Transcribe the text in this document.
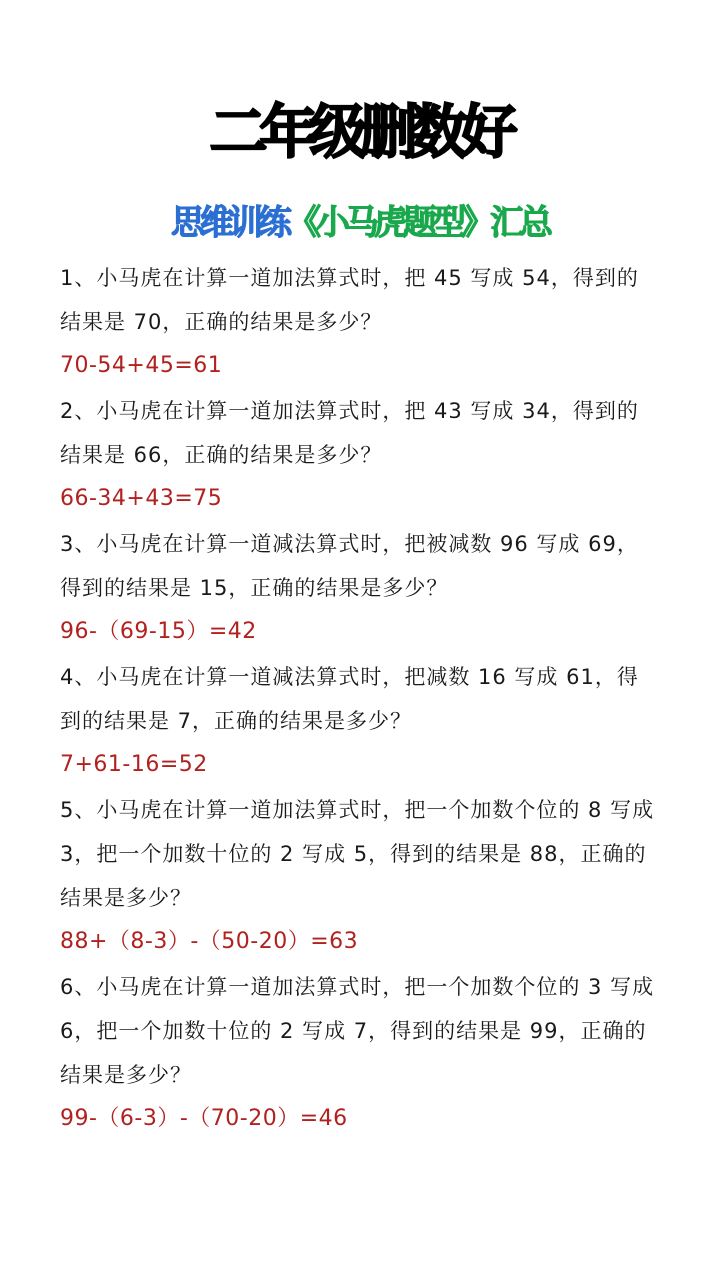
二年级删数好
思维训练《小马虎题型》汇总
1、小马虎在计算一道加法算式时，把 45 写成 54，得到的
结果是 70，正确的结果是多少？
70-54+45=61
2、小马虎在计算一道加法算式时，把 43 写成 34，得到的
结果是 66，正确的结果是多少？
66-34+43=75
3、小马虎在计算一道减法算式时，把被减数 96 写成 69，
得到的结果是 15，正确的结果是多少？
96-（69-15）=42
4、小马虎在计算一道减法算式时，把减数 16 写成 61，得
到的结果是 7，正确的结果是多少？
7+61-16=52
5、小马虎在计算一道加法算式时，把一个加数个位的 8 写成
3，把一个加数十位的 2 写成 5，得到的结果是 88，正确的
结果是多少？
88+（8-3）-（50-20）=63
6、小马虎在计算一道加法算式时，把一个加数个位的 3 写成
6，把一个加数十位的 2 写成 7，得到的结果是 99，正确的
结果是多少？
99-（6-3）-（70-20）=46
